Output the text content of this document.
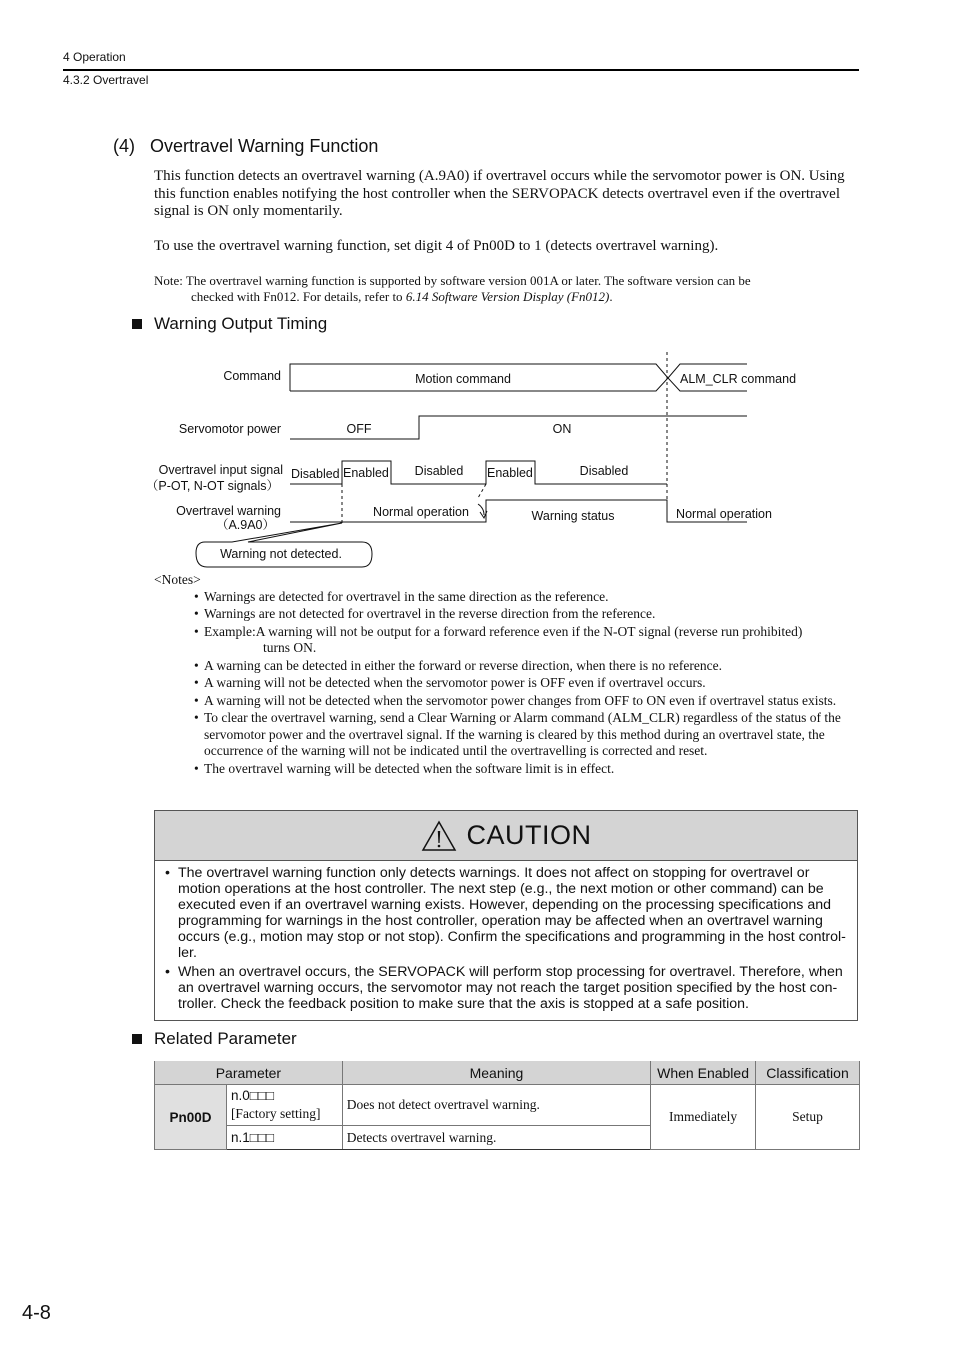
4 Operation
4.3.2 Overtravel
(4)   Overtravel Warning Function
This function detects an overtravel warning (A.9A0) if overtravel occurs while the servomotor power is ON. Using this function enables notifying the host controller when the SERVOPACK detects overtravel even if the overtravel signal is ON only momentarily.
To use the overtravel warning function, set digit 4 of Pn00D to 1 (detects overtravel warning).
Note: The overtravel warning function is supported by software version 001A or later. The software version can be
checked with Fn012. For details, refer to 6.14 Software Version Display (Fn012).
Warning Output Timing
Command
Servomotor power
Overtravel input signal
（P-OT, N-OT signals）
Overtravel warning
（A.9A0）
Motion command	ALM_CLR command
OFF	ON
Disabled Enabled Disabled Enabled	Disabled
Normal operation	Warning status	Normal operation
Warning not detected.
<Notes>
• Warnings are detected for overtravel in the same direction as the reference.
• Warnings are not detected for overtravel in the reverse direction from the reference.
• Example:A warning will not be output for a forward reference even if the N-OT signal (reverse run prohibited)
turns ON.
• A warning can be detected in either the forward or reverse direction, when there is no reference.
• A warning will not be detected when the servomotor power is OFF even if overtravel occurs.
• A warning will not be detected when the servomotor power changes from OFF to ON even if overtravel status exists.
• To clear the overtravel warning, send a Clear Warning or Alarm command (ALM_CLR) regardless of the status of the servomotor power and the overtravel signal. If the warning is cleared by this method during an overtravel state, the occurrence of the warning will not be indicated until the overtravelling is corrected and reset.
• The overtravel warning will be detected when the software limit is in effect.
CAUTION
• The overtravel warning function only detects warnings. It does not affect on stopping for overtravel or motion operations at the host controller. The next step (e.g., the next motion or other command) can be executed even if an overtravel warning exists. However, depending on the processing specifications and programming for warnings in the host controller, operation may be affected when an overtravel warning occurs (e.g., motion may stop or not stop). Confirm the specifications and programming in the host control-ler.
• When an overtravel occurs, the SERVOPACK will perform stop processing for overtravel. Therefore, when an overtravel warning occurs, the servomotor may not reach the target position specified by the host con-troller. Check the feedback position to make sure that the axis is stopped at a safe position.
Related Parameter
Parameter		Meaning	When Enabled	Classification
Pn00D	n.0□□□
[Factory setting]	Does not detect overtravel warning.	Immediately	Setup
	n.1□□□	Detects overtravel warning.		
4-8
